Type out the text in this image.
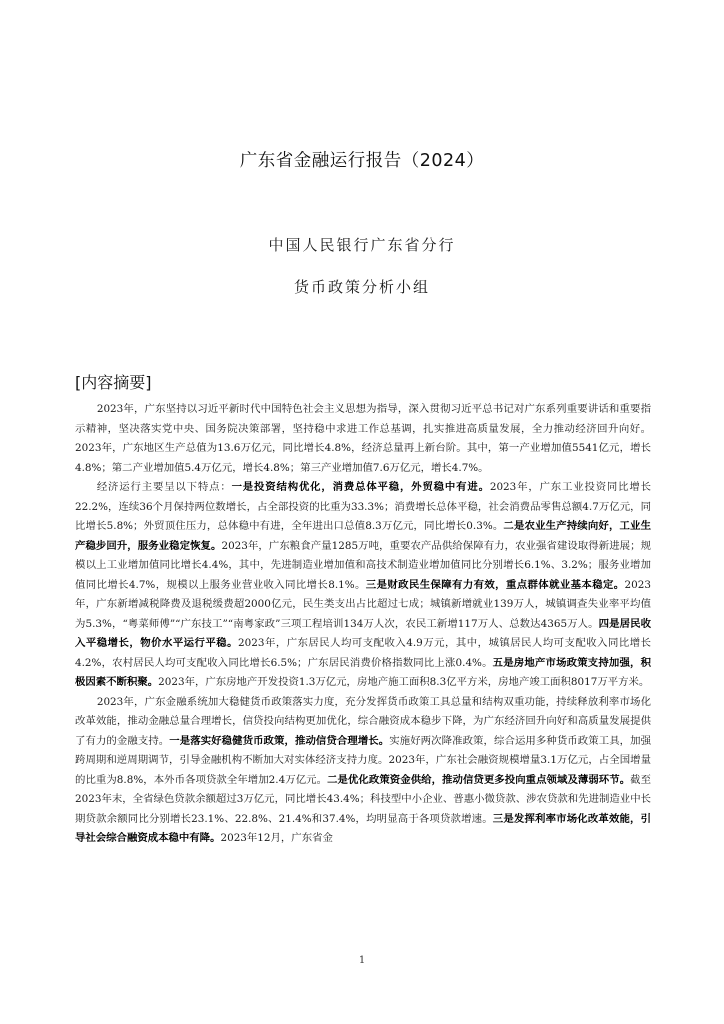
广东省金融运行报告（2024）
中国人民银行广东省分行
货币政策分析小组
[内容摘要]

2023年，广东坚持以习近平新时代中国特色社会主义思想为指导，深入贯彻习近平总书记对广东系列重要讲话和重要指示精神，坚决落实党中央、国务院决策部署，坚持稳中求进工作总基调，扎实推进高质量发展，全力推动经济回升向好。2023年，广东地区生产总值为13.6万亿元，同比增长4.8%，经济总量再上新台阶。其中，第一产业增加值5541亿元，增长4.8%；第二产业增加值5.4万亿元，增长4.8%；第三产业增加值7.6万亿元，增长4.7%。

经济运行主要呈以下特点：一是投资结构优化，消费总体平稳，外贸稳中有进。2023年，广东工业投资同比增长22.2%，连续36个月保持两位数增长，占全部投资的比重为33.3%；消费增长总体平稳，社会消费品零售总额4.7万亿元，同比增长5.8%；外贸顶住压力，总体稳中有进，全年进出口总值8.3万亿元，同比增长0.3%。二是农业生产持续向好，工业生产稳步回升，服务业稳定恢复。2023年，广东粮食产量1285万吨，重要农产品供给保障有力，农业强省建设取得新进展；规模以上工业增加值同比增长4.4%，其中，先进制造业增加值和高技术制造业增加值同比分别增长6.1%、3.2%；服务业增加值同比增长4.7%，规模以上服务业营业收入同比增长8.1%。三是财政民生保障有力有效，重点群体就业基本稳定。2023年，广东新增减税降费及退税缓费超2000亿元，民生类支出占比超过七成；城镇新增就业139万人，城镇调查失业率平均值为5.3%，“粤菜师傅”“广东技工”“南粤家政”三项工程培训134万人次，农民工新增117万人、总数达4365万人。四是居民收入平稳增长，物价水平运行平稳。2023年，广东居民人均可支配收入4.9万元，其中，城镇居民人均可支配收入同比增长4.2%，农村居民人均可支配收入同比增长6.5%；广东居民消费价格指数同比上涨0.4%。五是房地产市场政策支持加强，积极因素不断积聚。2023年，广东房地产开发投资1.3万亿元，房地产施工面积8.3亿平方米，房地产竣工面积8017万平方米。

2023年，广东金融系统加大稳健货币政策落实力度，充分发挥货币政策工具总量和结构双重功能，持续释放利率市场化改革效能，推动金融总量合理增长，信贷投向结构更加优化，综合融资成本稳步下降，为广东经济回升向好和高质量发展提供了有力的金融支持。一是落实好稳健货币政策，推动信贷合理增长。实施好两次降准政策，综合运用多种货币政策工具，加强跨周期和逆周期调节，引导金融机构不断加大对实体经济支持力度。2023年，广东社会融资规模增量3.1万亿元，占全国增量的比重为8.8%，本外币各项贷款全年增加2.4万亿元。二是优化政策资金供给，推动信贷更多投向重点领域及薄弱环节。截至2023年末，全省绿色贷款余额超过3万亿元，同比增长43.4%；科技型中小企业、普惠小微贷款、涉农贷款和先进制造业中长期贷款余额同比分别增长23.1%、22.8%、21.4%和37.4%，均明显高于各项贷款增速。三是发挥利率市场化改革效能，引导社会综合融资成本稳中有降。2023年12月，广东省金

1
